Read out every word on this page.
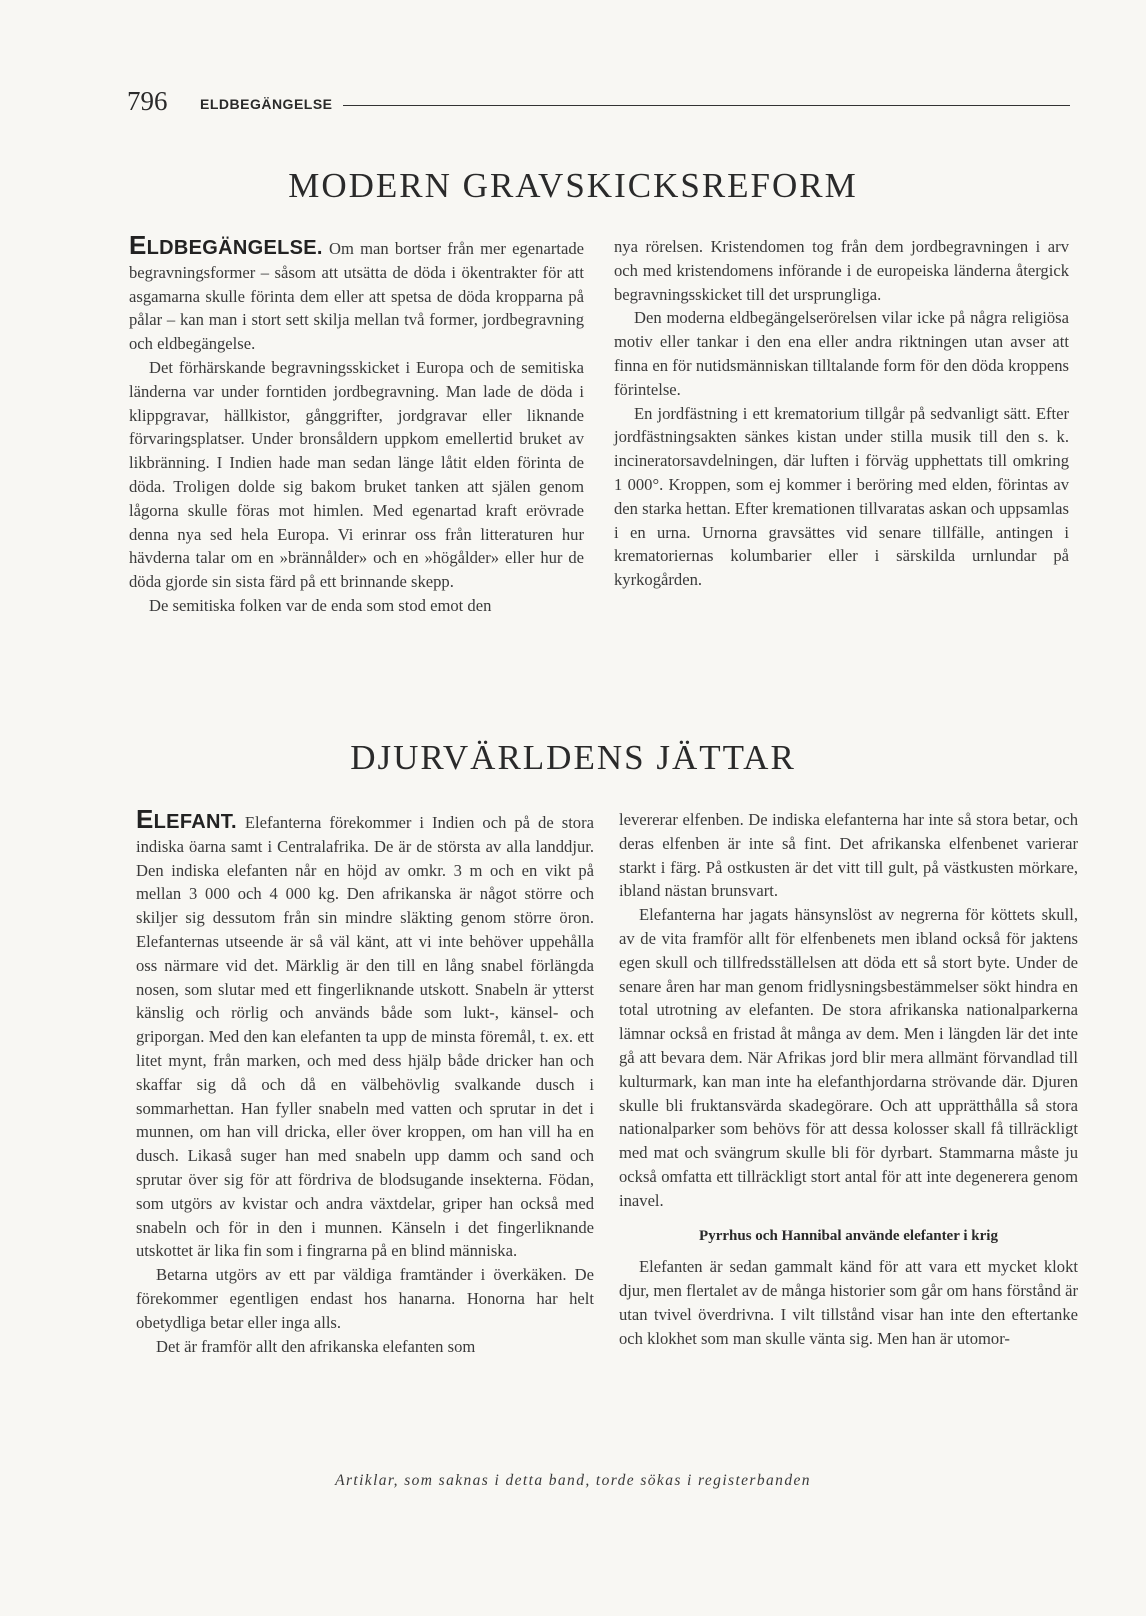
796 ELDBEGÄNGELSE
MODERN GRAVSKICKSREFORM

ELDBEGÄNGELSE. Om man bortser från mer egenartade begravningsformer – såsom att utsätta de döda i ökentrakter för att asgamarna skulle förinta dem eller att spetsa de döda kropparna på pålar – kan man i stort sett skilja mellan två former, jordbegravning och eldbegängelse.

Det förhärskande begravningsskicket i Europa och de semitiska länderna var under forntiden jordbegravning. Man lade de döda i klippgravar, hällkistor, gånggrifter, jordgravar eller liknande förvaringsplatser. Under bronsåldern uppkom emellertid bruket av likbränning. I Indien hade man sedan länge låtit elden förinta de döda. Troligen dolde sig bakom bruket tanken att själen genom lågorna skulle föras mot himlen. Med egenartad kraft erövrade denna nya sed hela Europa. Vi erinrar oss från litteraturen hur hävderna talar om en »brännålder» och en »högålder» eller hur de döda gjorde sin sista färd på ett brinnande skepp.

De semitiska folken var de enda som stod emot den

nya rörelsen. Kristendomen tog från dem jordbegravningen i arv och med kristendomens införande i de europeiska länderna återgick begravningsskicket till det ursprungliga.

Den moderna eldbegängelserörelsen vilar icke på några religiösa motiv eller tankar i den ena eller andra riktningen utan avser att finna en för nutidsmänniskan tilltalande form för den döda kroppens förintelse.

En jordfästning i ett krematorium tillgår på sedvanligt sätt. Efter jordfästningsakten sänkes kistan under stilla musik till den s. k. incineratorsavdelningen, där luften i förväg upphettats till omkring 1 000°. Kroppen, som ej kommer i beröring med elden, förintas av den starka hettan. Efter kremationen tillvaratas askan och uppsamlas i en urna. Urnorna gravsättes vid senare tillfälle, antingen i krematoriernas kolumbarier eller i särskilda urnlundar på kyrkogården.

DJURVÄRLDENS JÄTTAR

ELEFANT. Elefanterna förekommer i Indien och på de stora indiska öarna samt i Centralafrika. De är de största av alla landdjur. Den indiska elefanten når en höjd av omkr. 3 m och en vikt på mellan 3 000 och 4 000 kg. Den afrikanska är något större och skiljer sig dessutom från sin mindre släkting genom större öron. Elefanternas utseende är så väl känt, att vi inte behöver uppehålla oss närmare vid det. Märklig är den till en lång snabel förlängda nosen, som slutar med ett fingerliknande utskott. Snabeln är ytterst känslig och rörlig och används både som lukt-, känsel- och griporgan. Med den kan elefanten ta upp de minsta föremål, t. ex. ett litet mynt, från marken, och med dess hjälp både dricker han och skaffar sig då och då en välbehövlig svalkande dusch i sommarhettan. Han fyller snabeln med vatten och sprutar in det i munnen, om han vill dricka, eller över kroppen, om han vill ha en dusch. Likaså suger han med snabeln upp damm och sand och sprutar över sig för att fördriva de blodsugande insekterna. Födan, som utgörs av kvistar och andra växtdelar, griper han också med snabeln och för in den i munnen. Känseln i det fingerliknande utskottet är lika fin som i fingrarna på en blind människa.

Betarna utgörs av ett par väldiga framtänder i överkäken. De förekommer egentligen endast hos hanarna. Honorna har helt obetydliga betar eller inga alls.

Det är framför allt den afrikanska elefanten som

levererar elfenben. De indiska elefanterna har inte så stora betar, och deras elfenben är inte så fint. Det afrikanska elfenbenet varierar starkt i färg. På ostkusten är det vitt till gult, på västkusten mörkare, ibland nästan brunsvart.

Elefanterna har jagats hänsynslöst av negrerna för köttets skull, av de vita framför allt för elfenbenets men ibland också för jaktens egen skull och tillfredsställelsen att döda ett så stort byte. Under de senare åren har man genom fridlysningsbestämmelser sökt hindra en total utrotning av elefanten. De stora afrikanska nationalparkerna lämnar också en fristad åt många av dem. Men i längden lär det inte gå att bevara dem. När Afrikas jord blir mera allmänt förvandlad till kulturmark, kan man inte ha elefanthjordarna strövande där. Djuren skulle bli fruktansvärda skadegörare. Och att upprätthålla så stora nationalparker som behövs för att dessa kolosser skall få tillräckligt med mat och svängrum skulle bli för dyrbart. Stammarna måste ju också omfatta ett tillräckligt stort antal för att inte degenerera genom inavel.

Pyrrhus och Hannibal använde elefanter i krig

Elefanten är sedan gammalt känd för att vara ett mycket klokt djur, men flertalet av de många historier som går om hans förstånd är utan tvivel överdrivna. I vilt tillstånd visar han inte den eftertanke och klokhet som man skulle vänta sig. Men han är utomor-

Artiklar, som saknas i detta band, torde sökas i registerbanden
